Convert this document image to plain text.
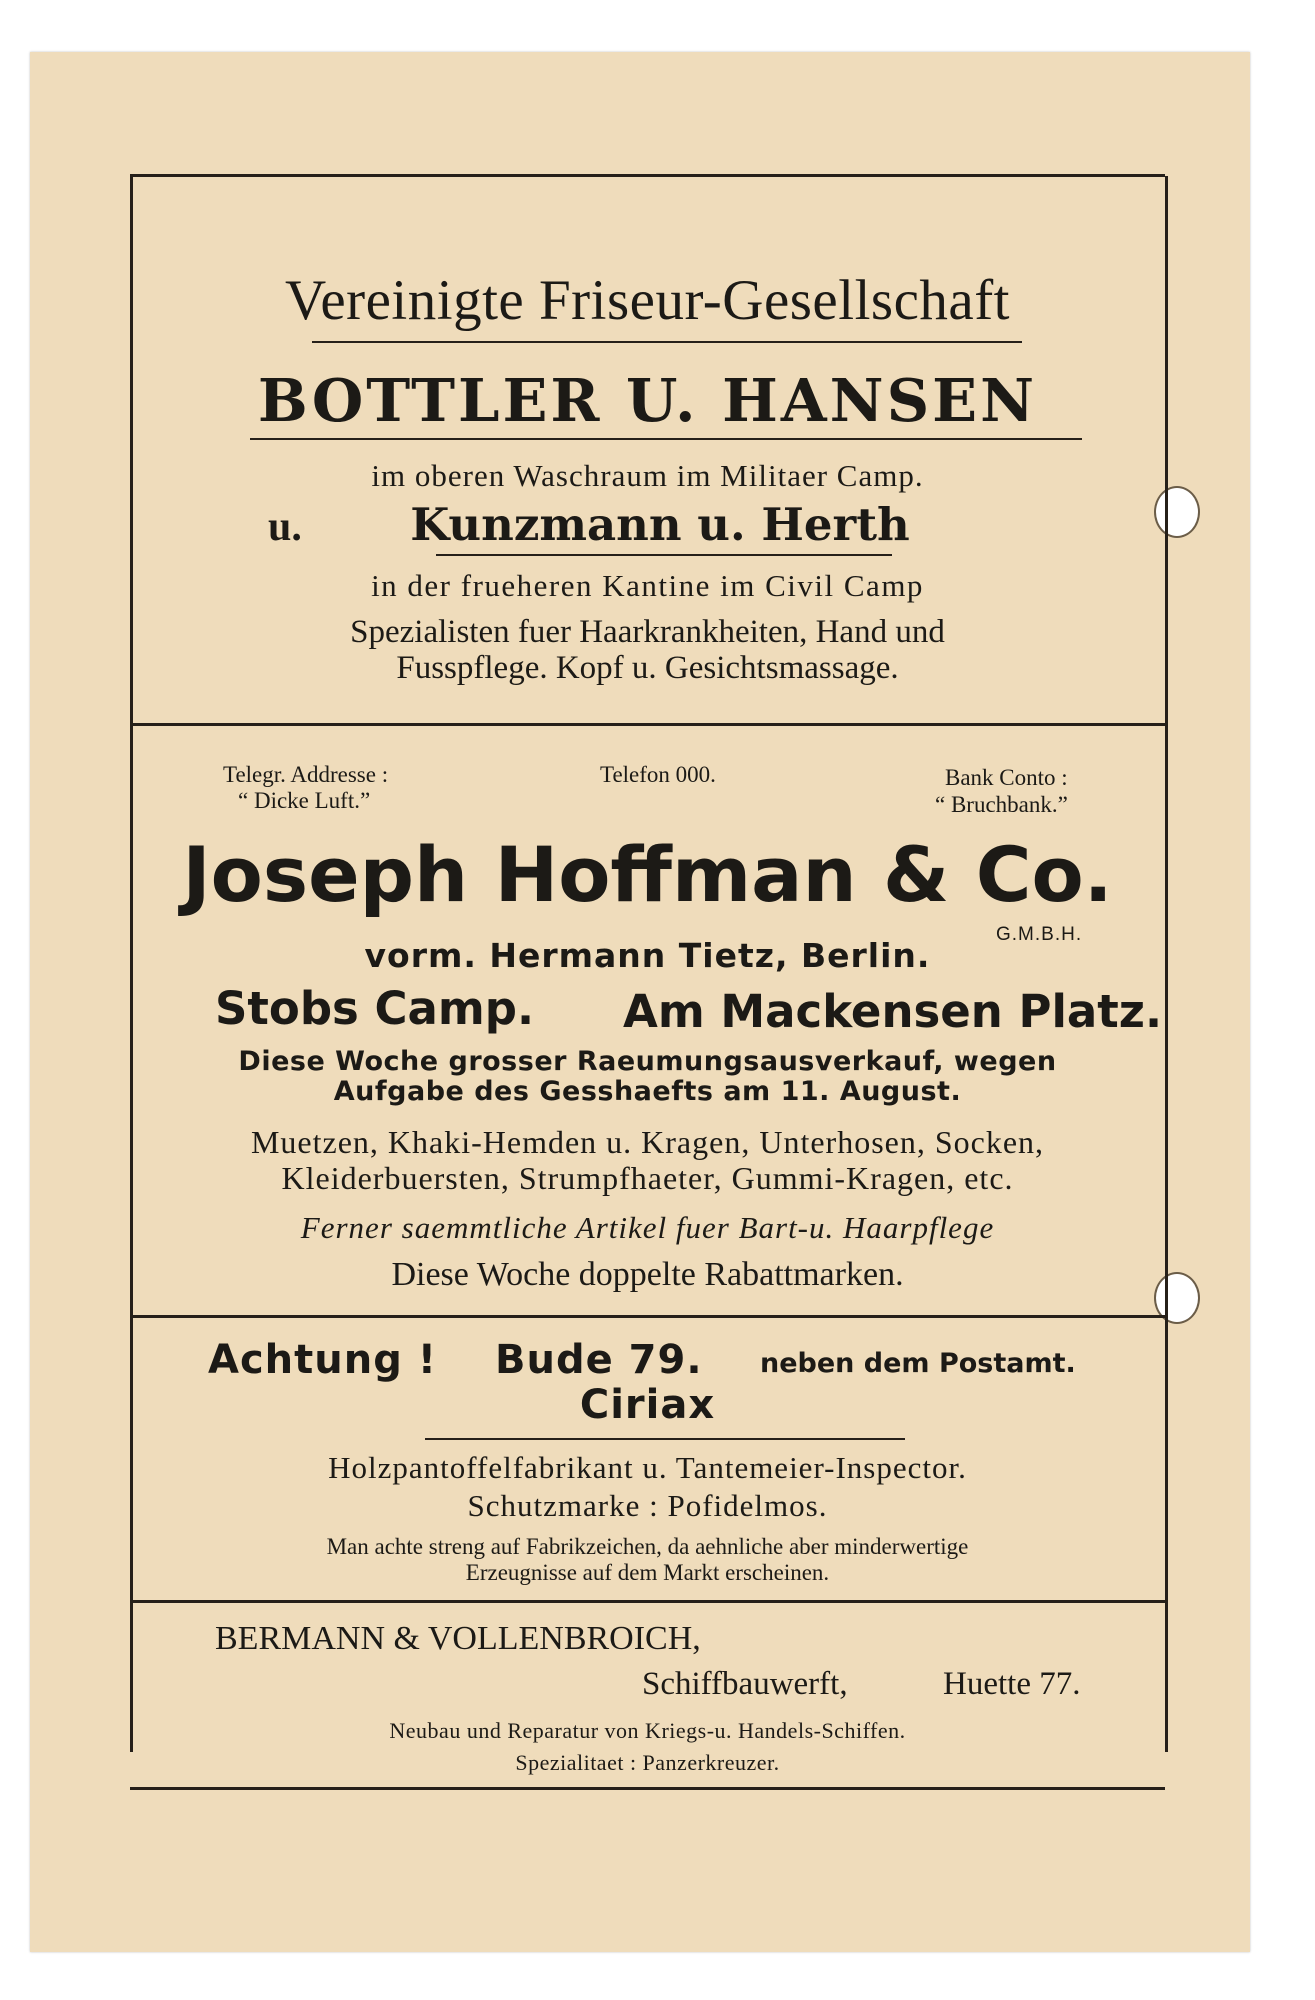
Vereinigte Friseur-Gesellschaft
BOTTLER U. HANSEN
im oberen Waschraum im Militaer Camp.
u.	Kunzmann u. Herth
in der frueheren Kantine im Civil Camp
Spezialisten fuer Haarkrankheiten, Hand und
Fusspflege. Kopf u. Gesichtsmassage.
Telegr. Addresse :
“ Dicke Luft.”
Telefon 000.	Bank Conto :
“ Bruchbank.”
Joseph Hoffman & Co.
G.M.B.H.
vorm. Hermann Tietz, Berlin.
Stobs Camp. Am Mackensen Platz.
Diese Woche grosser Raeumungsausverkauf, wegen
Aufgabe des Gesshaefts am 11. August.
Muetzen, Khaki-Hemden u. Kragen, Unterhosen, Socken,
Kleiderbuersten, Strumpfhaeter, Gummi-Kragen, etc.
Ferner saemmtliche Artikel fuer Bart-u. Haarpflege
Diese Woche doppelte Rabattmarken.
Achtung ! Bude 79. neben dem Postamt.
Ciriax
Holzpantoffelfabrikant u. Tantemeier-Inspector.
Schutzmarke : Pofidelmos.
Man achte streng auf Fabrikzeichen, da aehnliche aber minderwertige
Erzeugnisse auf dem Markt erscheinen.
BERMANN & VOLLENBROICH,
Schiffbauwerft,	Huette 77.
Neubau und Reparatur von Kriegs-u. Handels-Schiffen.
Spezialitaet : Panzerkreuzer.
